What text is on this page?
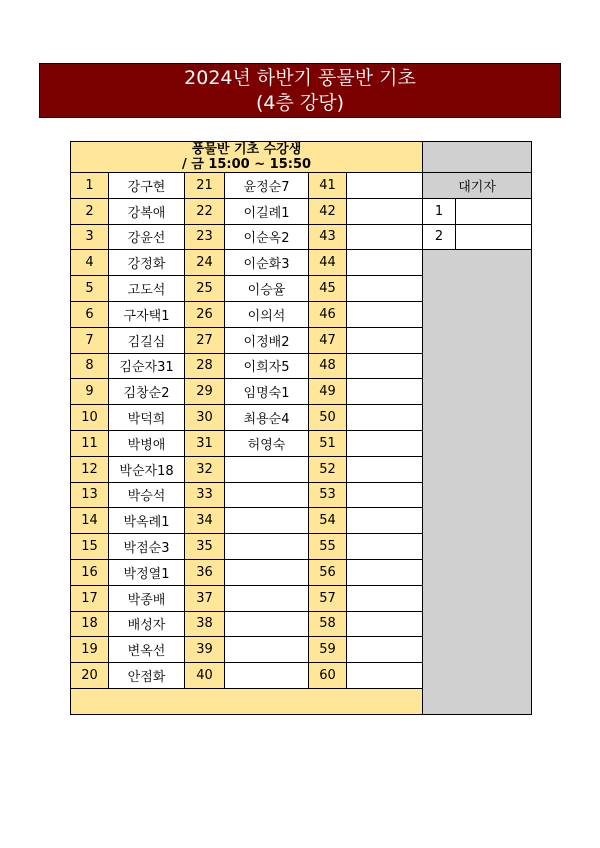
2024년 하반기 풍물반 기초
(4층 강당)
풍물반 기초 수강생
/ 금 15:00 ~ 15:50							

1	강구현	21	윤정순7	41		대기자	
2	강복애	22	이길례1	42		1	
3	강윤선	23	이순옥2	43		2	
4	강정화	24	이순화3	44			
5	고도석	25	이승율	45			
6	구자택1	26	이의석	46			
7	김길심	27	이정배2	47			
8	김순자31	28	이희자5	48			
9	김창순2	29	임명숙1	49			
10	박덕희	30	최용순4	50			
11	박병애	31	허영숙	51			
12	박순자18	32		52			
13	박승석	33		53			
14	박옥례1	34		54			
15	박점순3	35		55			
16	박정열1	36		56			
17	박종배	37		57			
18	배성자	38		58			
19	변옥선	39		59			
20	안점화	40		60			
